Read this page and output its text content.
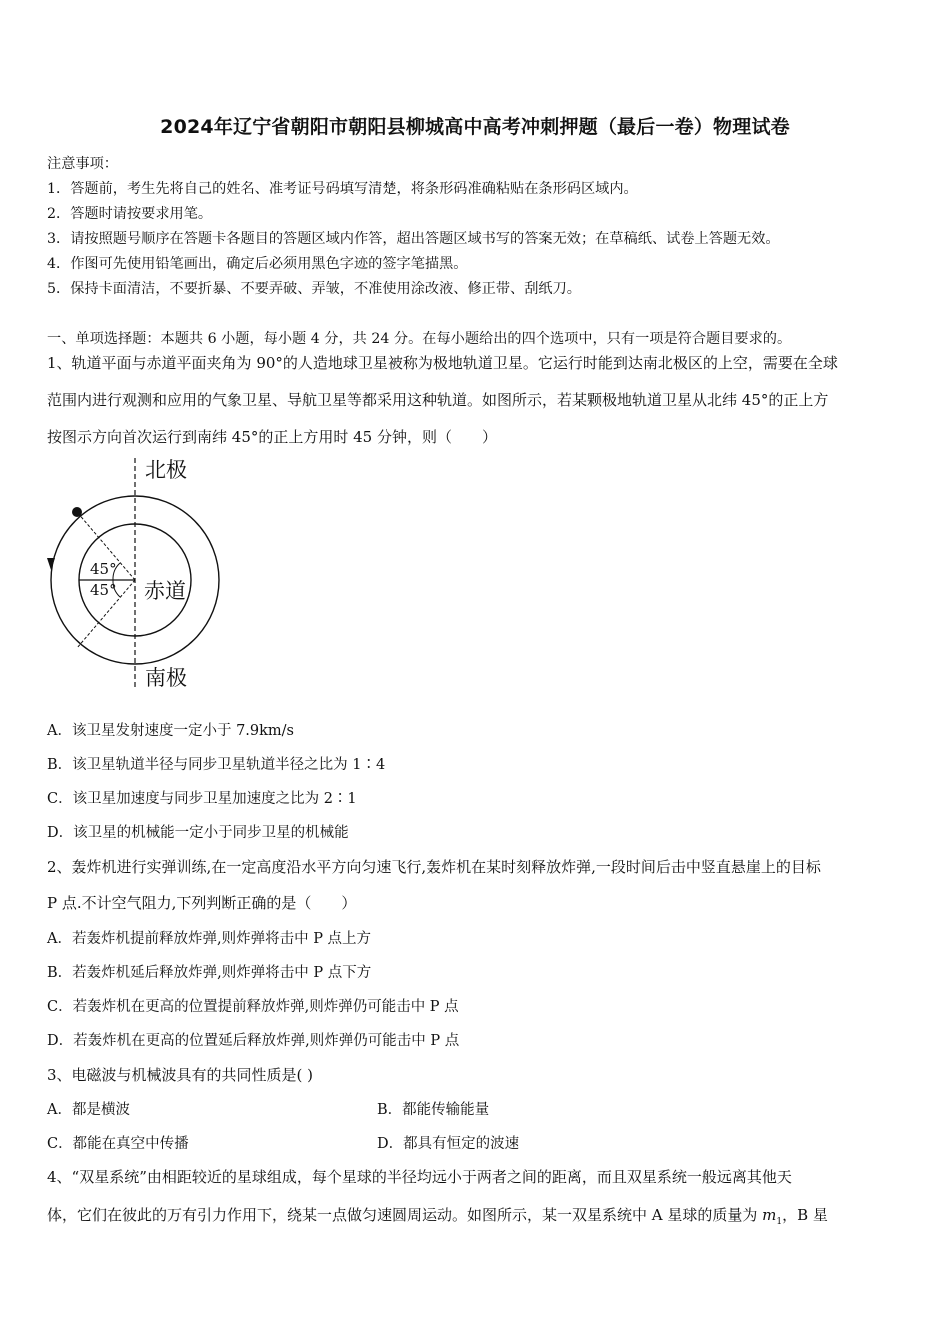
2024年辽宁省朝阳市朝阳县柳城高中高考冲刺押题（最后一卷）物理试卷
注意事项：
1．答题前，考生先将自己的姓名、准考证号码填写清楚，将条形码准确粘贴在条形码区域内。
2．答题时请按要求用笔。
3．请按照题号顺序在答题卡各题目的答题区域内作答，超出答题区域书写的答案无效；在草稿纸、试卷上答题无效。
4．作图可先使用铅笔画出，确定后必须用黑色字迹的签字笔描黑。
5．保持卡面清洁，不要折暴、不要弄破、弄皱，不准使用涂改液、修正带、刮纸刀。
一、单项选择题：本题共 6 小题，每小题 4 分，共 24 分。在每小题给出的四个选项中，只有一项是符合题目要求的。
1、轨道平面与赤道平面夹角为 90°的人造地球卫星被称为极地轨道卫星。它运行时能到达南北极区的上空，需要在全球
范围内进行观测和应用的气象卫星、导航卫星等都采用这种轨道。如图所示，若某颗极地轨道卫星从北纬 45°的正上方
按图示方向首次运行到南纬 45°的正上方用时 45 分钟，则（　　）
北极
南极
赤道
45°
45°
A．该卫星发射速度一定小于 7.9km/s
B．该卫星轨道半径与同步卫星轨道半径之比为 1∶4
C．该卫星加速度与同步卫星加速度之比为 2∶1
D．该卫星的机械能一定小于同步卫星的机械能
2、轰炸机进行实弹训练,在一定高度沿水平方向匀速飞行,轰炸机在某时刻释放炸弹,一段时间后击中竖直悬崖上的目标
P 点.不计空气阻力,下列判断正确的是（　　）
A．若轰炸机提前释放炸弹,则炸弹将击中 P 点上方
B．若轰炸机延后释放炸弹,则炸弹将击中 P 点下方
C．若轰炸机在更高的位置提前释放炸弹,则炸弹仍可能击中 P 点
D．若轰炸机在更高的位置延后释放炸弹,则炸弹仍可能击中 P 点
3、电磁波与机械波具有的共同性质是( )
A．都是横波	B．都能传输能量
C．都能在真空中传播	D．都具有恒定的波速
4、“双星系统”由相距较近的星球组成，每个星球的半径均远小于两者之间的距离，而且双星系统一般远离其他天
体，它们在彼此的万有引力作用下，绕某一点做匀速圆周运动。如图所示，某一双星系统中 A 星球的质量为 $m_1$，B 星
